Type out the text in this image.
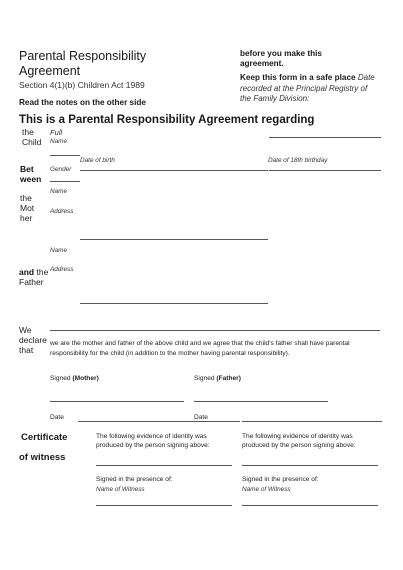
Parental Responsibility
Agreement
Section 4(1)(b) Children Act 1989
Read the notes on the other side
before you make this
agreement.
Keep this form in a safe place Date
recorded at the Principal Registry of
the Family Division:
This is a Parental Responsibility Agreement regarding
the
Child
Full
Name
Date of birth	Date of 18th birthday
Gender
Bet
ween
the
Mot
her
Name
Address
Name
Address
and the
Father
We
declare
that
we are the mother and father of the above child and we agree that the child's father shall have parental
responsibility for the child (in addition to the mother having parental responsibility).
Signed (Mother)	Signed (Father)
Date	Date
Certificate
of witness
The following evidence of identity was
produced by the person signing above:
The following evidence of identity was
produced by the person signing above:
Signed in the presence of:	Signed in the presence of:
Name of Witness	Name of Witness
